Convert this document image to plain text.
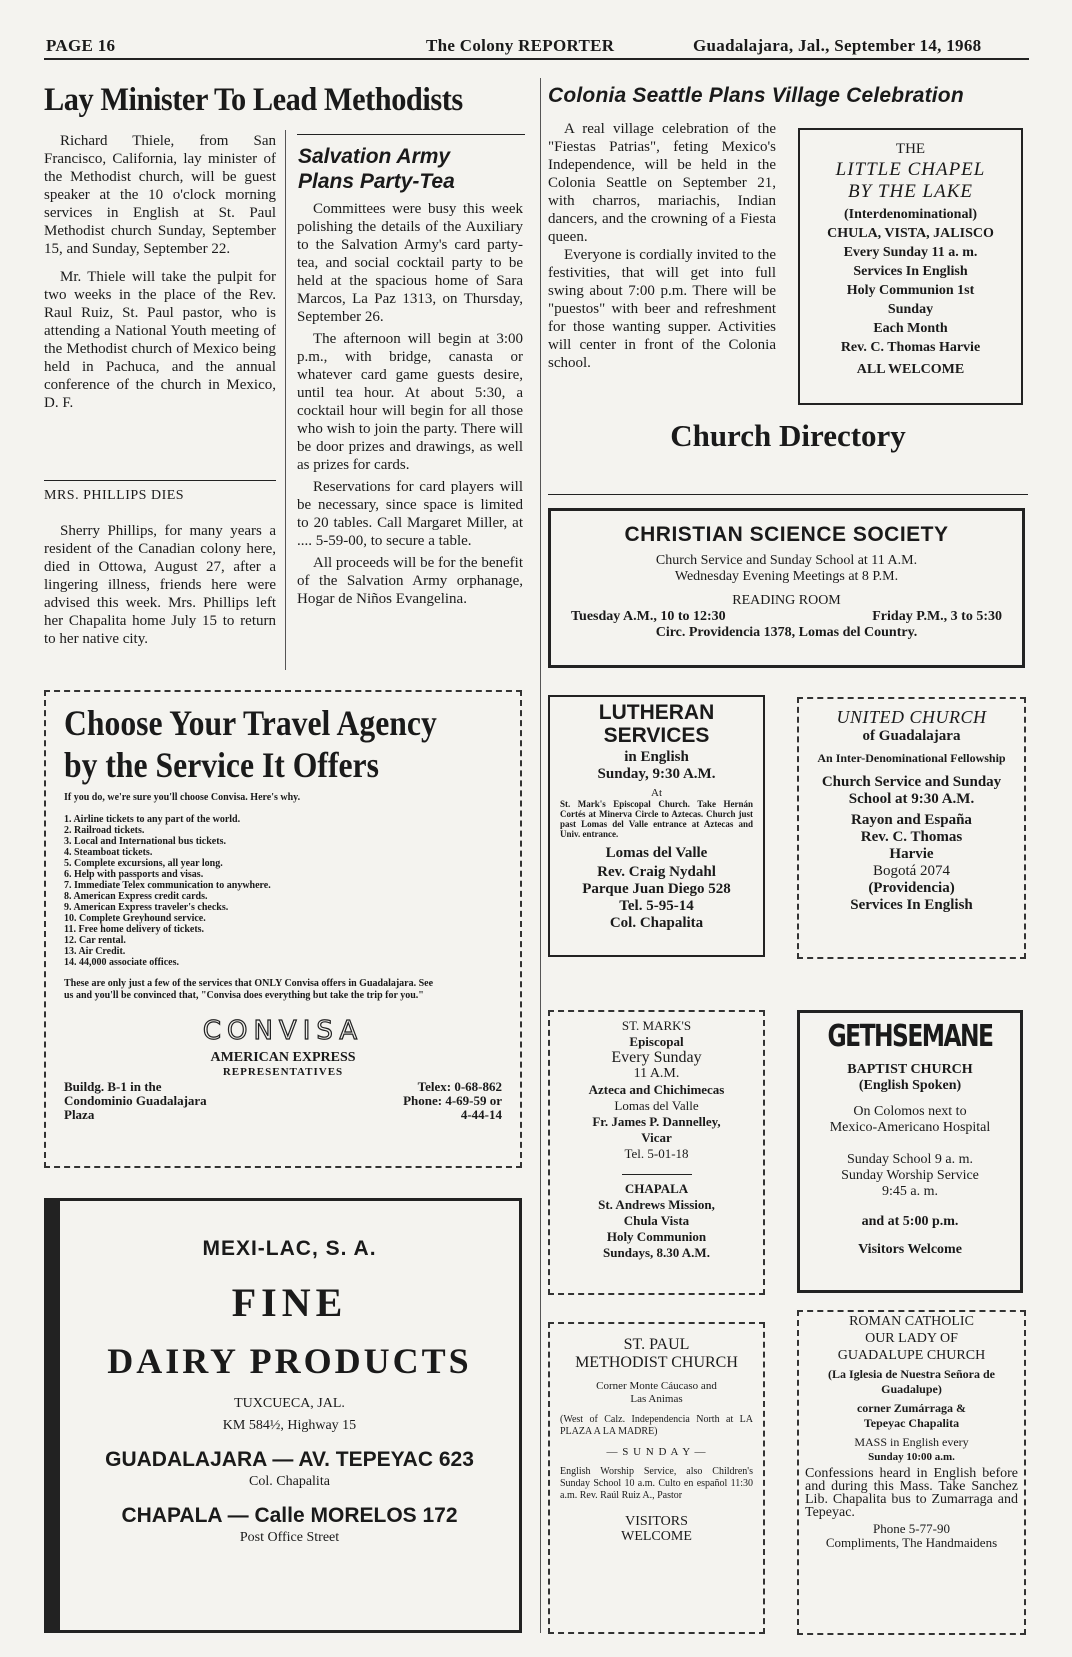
PAGE 16	The Colony REPORTER	Guadalajara, Jal., September 14, 1968
Lay Minister To Lead Methodists

Richard Thiele, from San Francisco, California, lay minister of the Methodist church, will be guest speaker at the 10 o'clock morning services in English at St. Paul Methodist church Sunday, September 15, and Sunday, September 22.

Mr. Thiele will take the pulpit for two weeks in the place of the Rev. Raul Ruiz, St. Paul pastor, who is attending a National Youth meeting of the Methodist church of Mexico being held in Pachuca, and the annual conference of the church in Mexico, D. F.

MRS. PHILLIPS DIES

Sherry Phillips, for many years a resident of the Canadian colony here, died in Ottowa, August 27, after a lingering illness, friends here were advised this week. Mrs. Phillips left her Chapalita home July 15 to return to her native city.

Salvation Army Plans Party-Tea

Committees were busy this week polishing the details of the Auxiliary to the Salvation Army's card party-tea, and social cocktail party to be held at the spacious home of Sara Marcos, La Paz 1313, on Thursday, September 26.

The afternoon will begin at 3:00 p.m., with bridge, canasta or whatever card game guests desire, until tea hour. At about 5:30, a cocktail hour will begin for all those who wish to join the party. There will be door prizes and drawings, as well as prizes for cards.

Reservations for card players will be necessary, since space is limited to 20 tables. Call Margaret Miller, at .... 5-59-00, to secure a table.

All proceeds will be for the benefit of the Salvation Army orphanage, Hogar de Niños Evangelina.

Colonia Seattle Plans Village Celebration

A real village celebration of the "Fiestas Patrias", feting Mexico's Independence, will be held in the Colonia Seattle on September 21, with charros, mariachis, Indian dancers, and the crowning of a Fiesta queen.

Everyone is cordially invited to the festivities, that will get into full swing about 7:00 p.m. There will be "puestos" with beer and refreshment for those wanting supper. Activities will center in front of the Colonia school.

THE
LITTLE CHAPEL
BY THE LAKE
(Interdenominational)
CHULA, VISTA, JALISCO
Every Sunday 11 a. m.
Services In English
Holy Communion 1st
Sunday
Each Month
Rev. C. Thomas Harvie
ALL WELCOME
Church Directory
CHRISTIAN SCIENCE SOCIETY
Church Service and Sunday School at 11 A.M.
Wednesday Evening Meetings at 8 P.M.
READING ROOM
Tuesday A.M., 10 to 12:30	Friday P.M., 3 to 5:30
Circ. Providencia 1378, Lomas del Country.
Choose Your Travel Agency
by the Service It Offers
If you do, we're sure you'll choose Convisa. Here's why.
1. Airline tickets to any part of the world.
2. Railroad tickets.
3. Local and International bus tickets.
4. Steamboat tickets.
5. Complete excursions, all year long.
6. Help with passports and visas.
7. Immediate Telex communication to anywhere.
8. American Express credit cards.
9. American Express traveler's checks.
10. Complete Greyhound service.
11. Free home delivery of tickets.
12. Car rental.
13. Air Credit.
14. 44,000 associate offices.
These are only just a few of the services that ONLY Convisa offers in Guadalajara. See us and you'll be convinced that, "Convisa does everything but take the trip for you."
CONVISA
AMERICAN EXPRESS
REPRESENTATIVES
Buildg. B-1 in the
Condominio Guadalajara
Plaza
Telex: 0-68-862
Phone: 4-69-59 or
4-44-14
MEXI-LAC, S. A.
FINE
DAIRY PRODUCTS
TUXCUECA, JAL.
KM 584½, Highway 15
GUADALAJARA — AV. TEPEYAC 623
Col. Chapalita
CHAPALA — Calle MORELOS 172
Post Office Street
LUTHERAN
SERVICES
in English
Sunday, 9:30 A.M.
At
St. Mark's Episcopal Church. Take Hernán Cortés at Minerva Circle to Aztecas. Church just past Lomas del Valle entrance at Aztecas and Univ. entrance.
Lomas del Valle
Rev. Craig Nydahl
Parque Juan Diego 528
Tel. 5-95-14
Col. Chapalita
UNITED CHURCH
of Guadalajara
An Inter-Denominational Fellowship
Church Service and Sunday School at 9:30 A.M.
Rayon and España
Rev. C. Thomas Harvie
Bogotá 2074
(Providencia)
Services In English
ST. MARK'S
Episcopal
Every Sunday
11 A.M.
Azteca and Chichimecas
Lomas del Valle
Fr. James P. Dannelley,
Vicar
Tel. 5-01-18
CHAPALA
St. Andrews Mission,
Chula Vista
Holy Communion
Sundays, 8.30 A.M.
GETHSEMANE
BAPTIST CHURCH
(English Spoken)
On Colomos next to
Mexico-Americano Hospital
Sunday School 9 a. m.
Sunday Worship Service
9:45 a. m.
and at 5:00 p.m.
Visitors Welcome
ST. PAUL
METHODIST CHURCH
Corner Monte Cáucaso and Las Animas
(West of Calz. Independencia North at LA PLAZA A LA MADRE)
— S U N D A Y —
English Worship Service, also Children's Sunday School 10 a.m. Culto en español 11:30 a.m. Rev. Raúl Ruiz A., Pastor
VISITORS
WELCOME
ROMAN CATHOLIC
OUR LADY OF
GUADALUPE CHURCH
(La Iglesia de Nuestra Señora de Guadalupe)
corner Zumárraga & Tepeyac Chapalita
MASS in English every
Sunday 10:00 a.m.
Confessions heard in English before and during this Mass. Take Sanchez Lib. Chapalita bus to Zumarraga and Tepeyac.
Phone 5-77-90
Compliments, The Handmaidens
